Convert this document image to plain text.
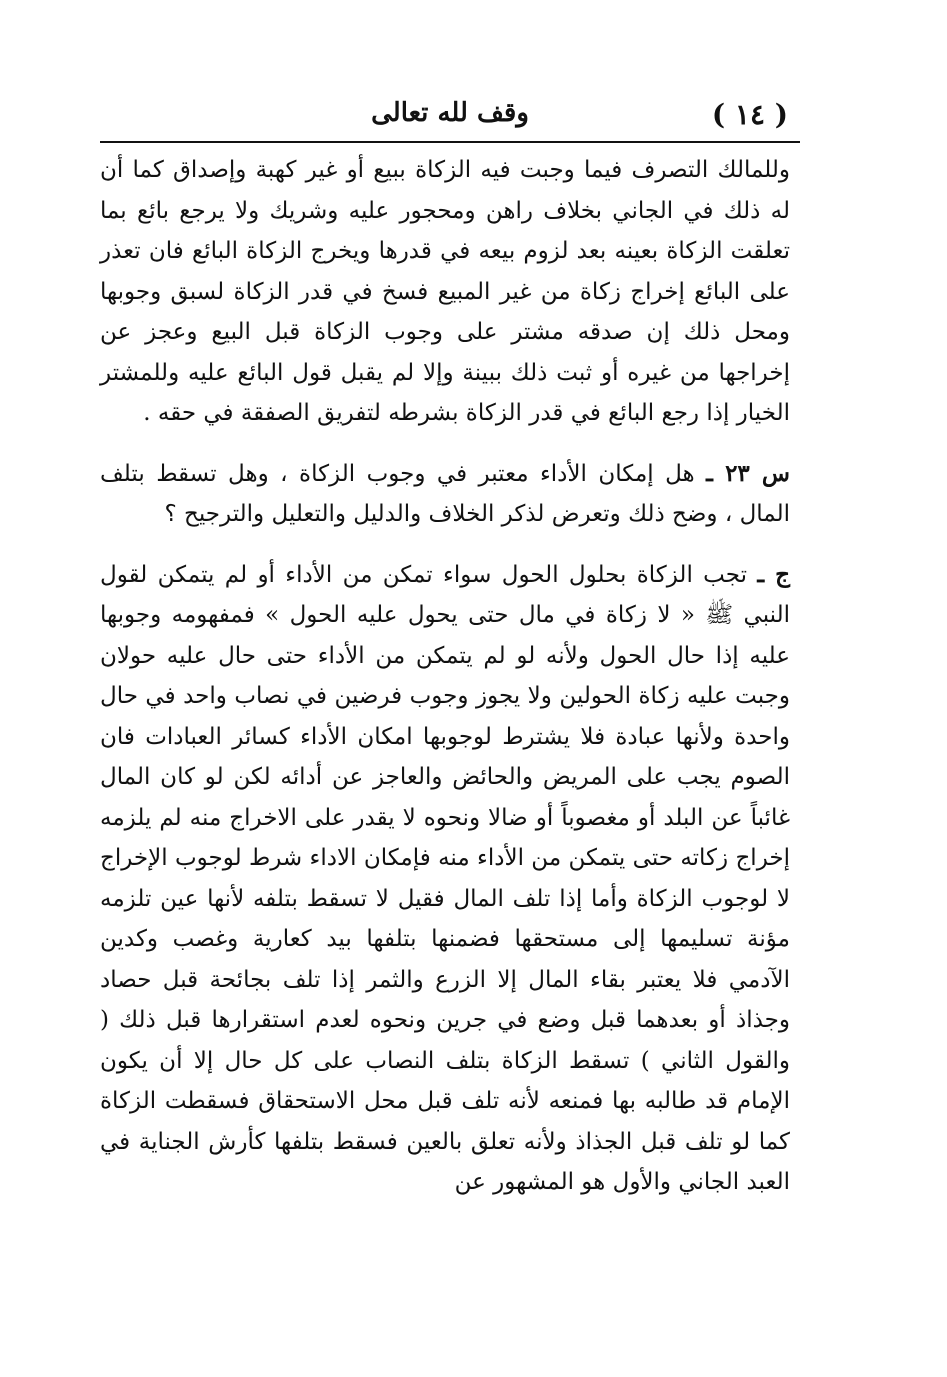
( ١٤ )
وقف لله تعالى

وللمالك التصرف فيما وجبت فيه الزكاة ببيع أو غير كهبة وإصداق كما أن له ذلك في الجاني بخلاف راهن ومحجور عليه وشريك ولا يرجع بائع بما تعلقت الزكاة بعينه بعد لزوم بيعه في قدرها ويخرج الزكاة البائع فان تعذر على البائع إخراج زكاة من غير المبيع فسخ في قدر الزكاة لسبق وجوبها ومحل ذلك إن صدقه مشتر على وجوب الزكاة قبل البيع وعجز عن إخراجها من غيره أو ثبت ذلك ببينة وإلا لم يقبل قول البائع عليه وللمشتر الخيار إذا رجع البائع في قدر الزكاة بشرطه لتفريق الصفقة في حقه .

س ٢٣ ـ هل إمكان الأداء معتبر في وجوب الزكاة ، وهل تسقط بتلف المال ، وضح ذلك وتعرض لذكر الخلاف والدليل والتعليل والترجيح ؟

ج ـ تجب الزكاة بحلول الحول سواء تمكن من الأداء أو لم يتمكن لقول النبي ﷺ « لا زكاة في مال حتى يحول عليه الحول » فمفهومه وجوبها عليه إذا حال الحول ولأنه لو لم يتمكن من الأداء حتى حال عليه حولان وجبت عليه زكاة الحولين ولا يجوز وجوب فرضين في نصاب واحد في حال واحدة ولأنها عبادة فلا يشترط لوجوبها امكان الأداء كسائر العبادات فان الصوم يجب على المريض والحائض والعاجز عن أدائه لكن لو كان المال غائباً عن البلد أو مغصوباً أو ضالا ونحوه لا يقدر على الاخراج منه لم يلزمه إخراج زكاته حتى يتمكن من الأداء منه فإمكان الاداء شرط لوجوب الإخراج لا لوجوب الزكاة وأما إذا تلف المال فقيل لا تسقط بتلفه لأنها عين تلزمه مؤنة تسليمها إلى مستحقها فضمنها بتلفها بيد كعارية وغصب وكدين الآدمي فلا يعتبر بقاء المال إلا الزرع والثمر إذا تلف بجائحة قبل حصاد وجذاذ أو بعدهما قبل وضع في جرين ونحوه لعدم استقرارها قبل ذلك ( والقول الثاني ) تسقط الزكاة بتلف النصاب على كل حال إلا أن يكون الإمام قد طالبه بها فمنعه لأنه تلف قبل محل الاستحقاق فسقطت الزكاة كما لو تلف قبل الجذاذ ولأنه تعلق بالعين فسقط بتلفها كأرش الجناية في العبد الجاني والأول هو المشهور عن
